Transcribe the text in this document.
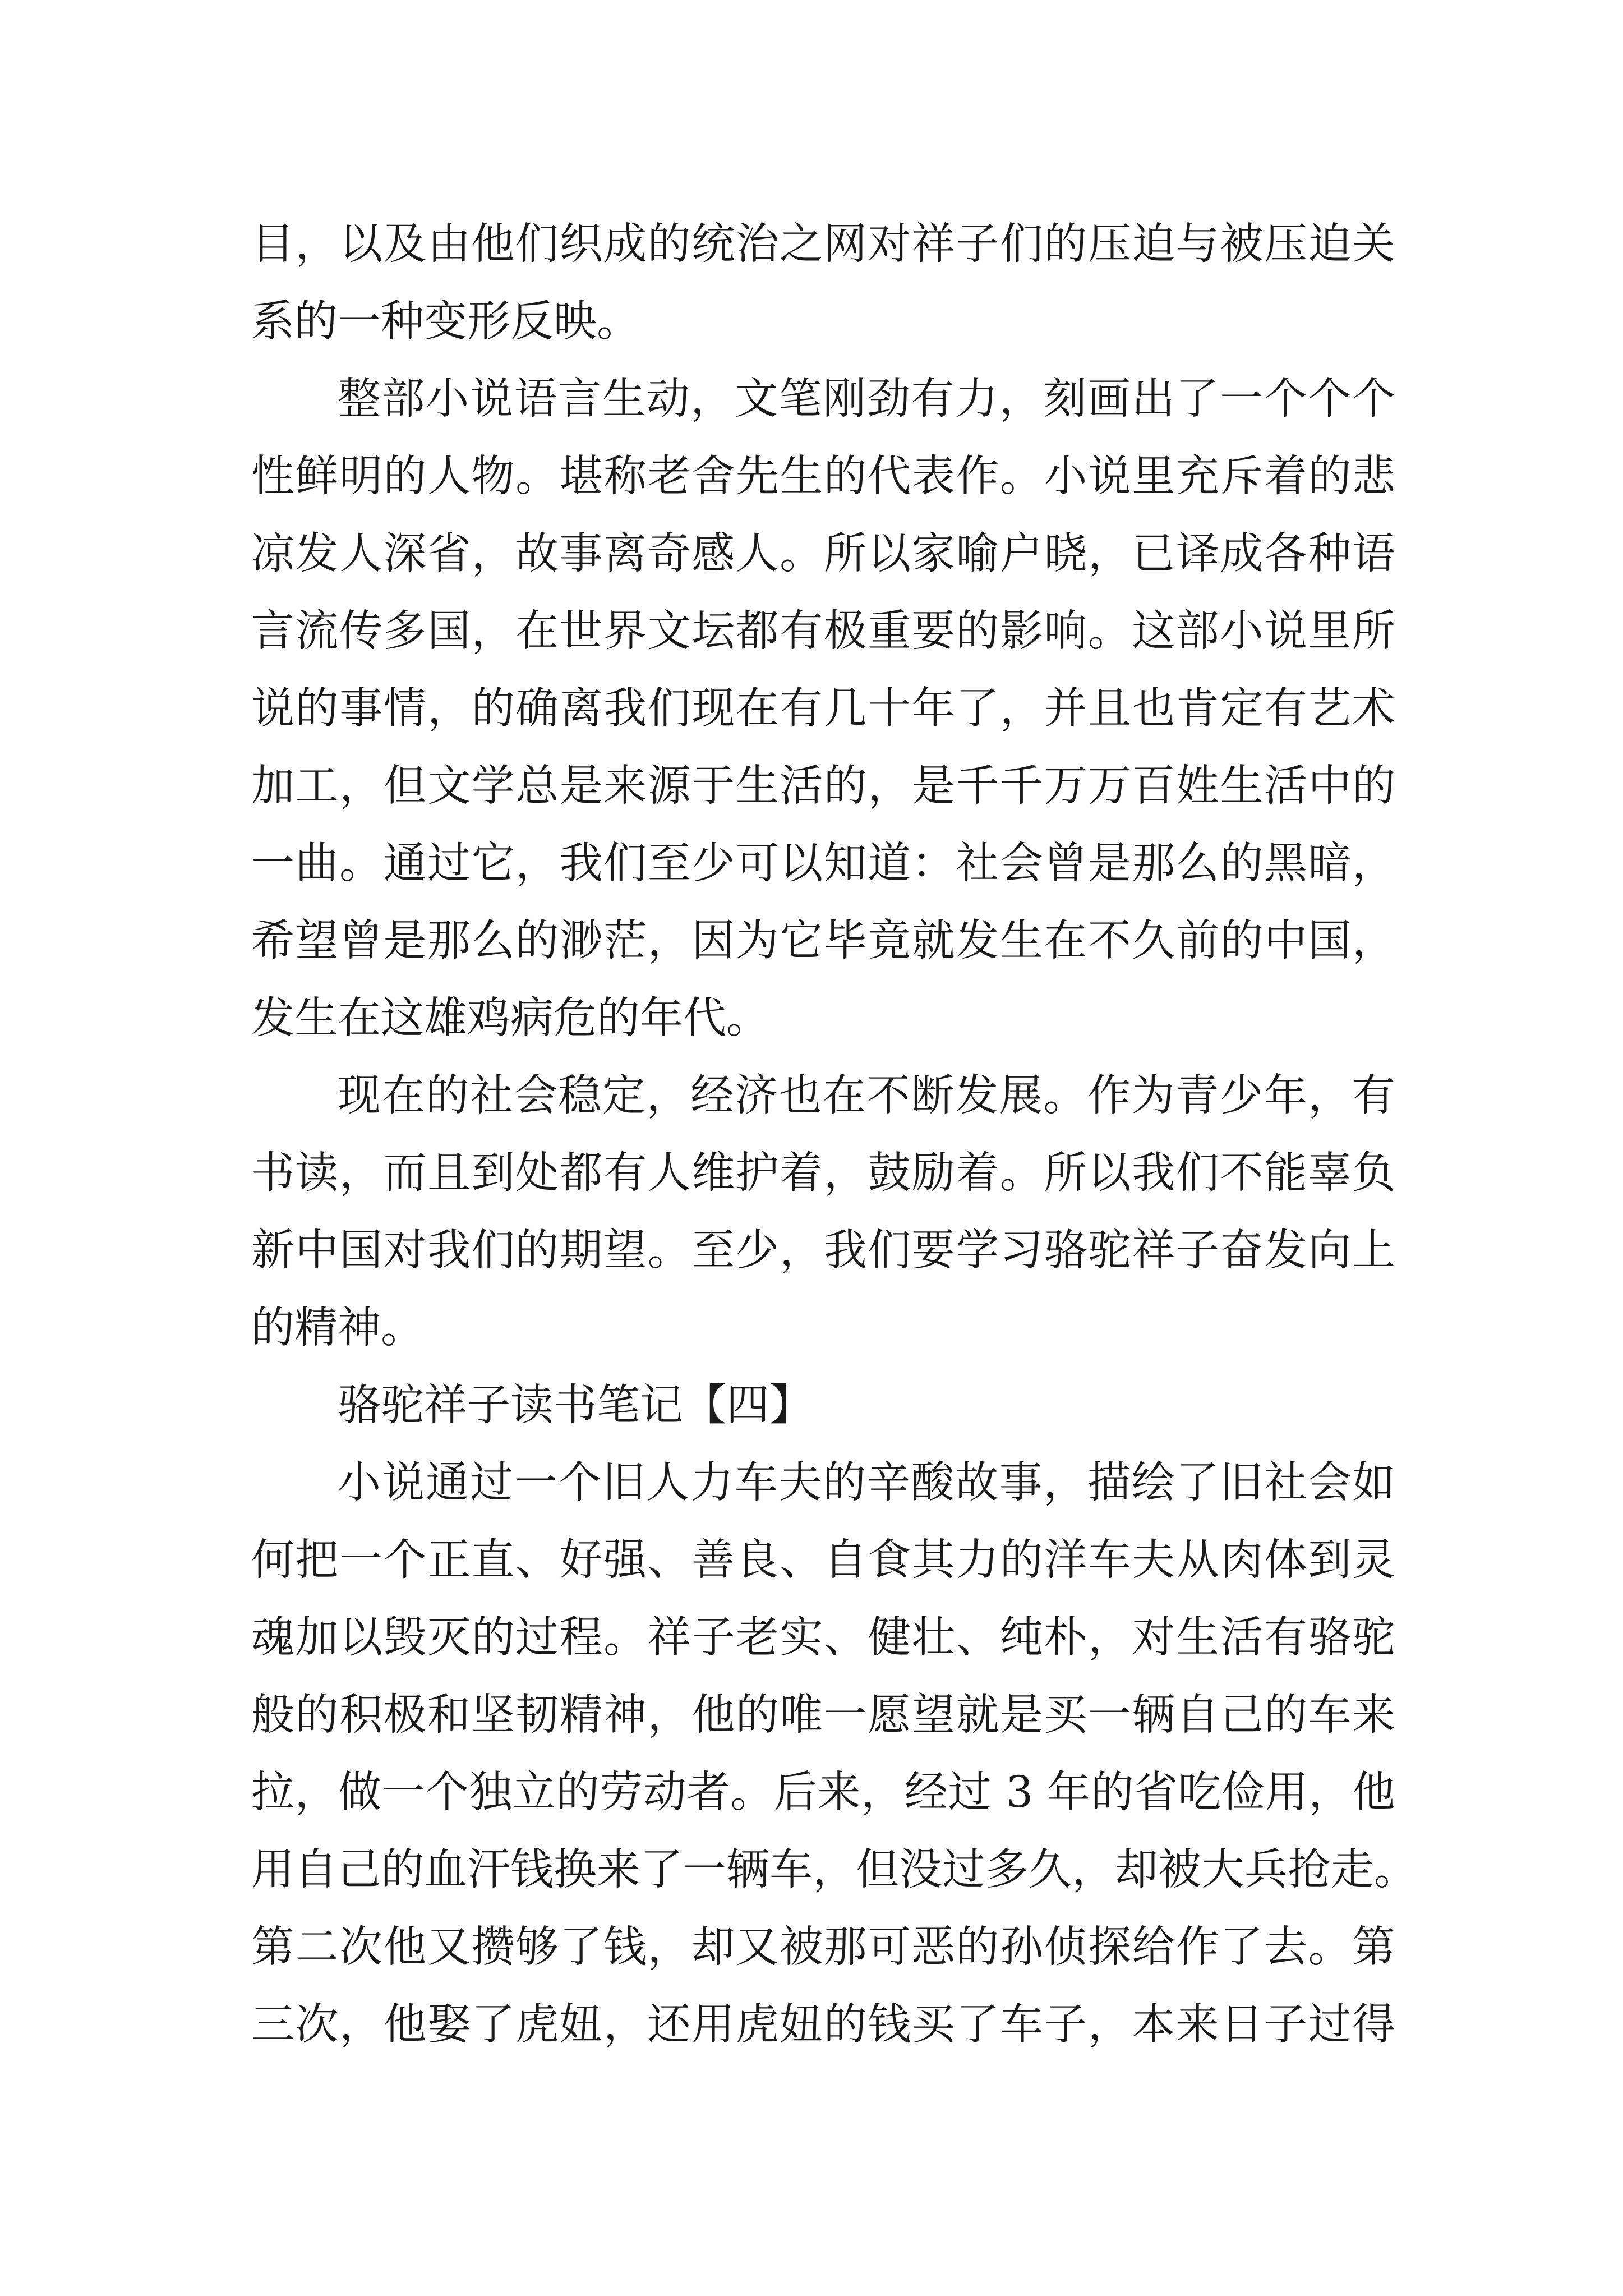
目，以及由他们织成的统治之网对祥子们的压迫与被压迫关
系的一种变形反映。
整部小说语言生动，文笔刚劲有力，刻画出了一个个个
性鲜明的人物。堪称老舍先生的代表作。小说里充斥着的悲
凉发人深省，故事离奇感人。所以家喻户晓，已译成各种语
言流传多国，在世界文坛都有极重要的影响。这部小说里所
说的事情，的确离我们现在有几十年了，并且也肯定有艺术
加工，但文学总是来源于生活的，是千千万万百姓生活中的
一曲。通过它，我们至少可以知道：社会曾是那么的黑暗，
希望曾是那么的渺茫，因为它毕竟就发生在不久前的中国，
发生在这雄鸡病危的年代。
现在的社会稳定，经济也在不断发展。作为青少年，有
书读，而且到处都有人维护着，鼓励着。所以我们不能辜负
新中国对我们的期望。至少，我们要学习骆驼祥子奋发向上
的精神。
骆驼祥子读书笔记【四】
小说通过一个旧人力车夫的辛酸故事，描绘了旧社会如
何把一个正直、好强、善良、自食其力的洋车夫从肉体到灵
魂加以毁灭的过程。祥子老实、健壮、纯朴，对生活有骆驼
般的积极和坚韧精神，他的唯一愿望就是买一辆自己的车来
拉，做一个独立的劳动者。后来，经过 3 年的省吃俭用，他
用自己的血汗钱换来了一辆车，但没过多久，却被大兵抢走。
第二次他又攒够了钱，却又被那可恶的孙侦探给作了去。第
三次，他娶了虎妞，还用虎妞的钱买了车子，本来日子过得
